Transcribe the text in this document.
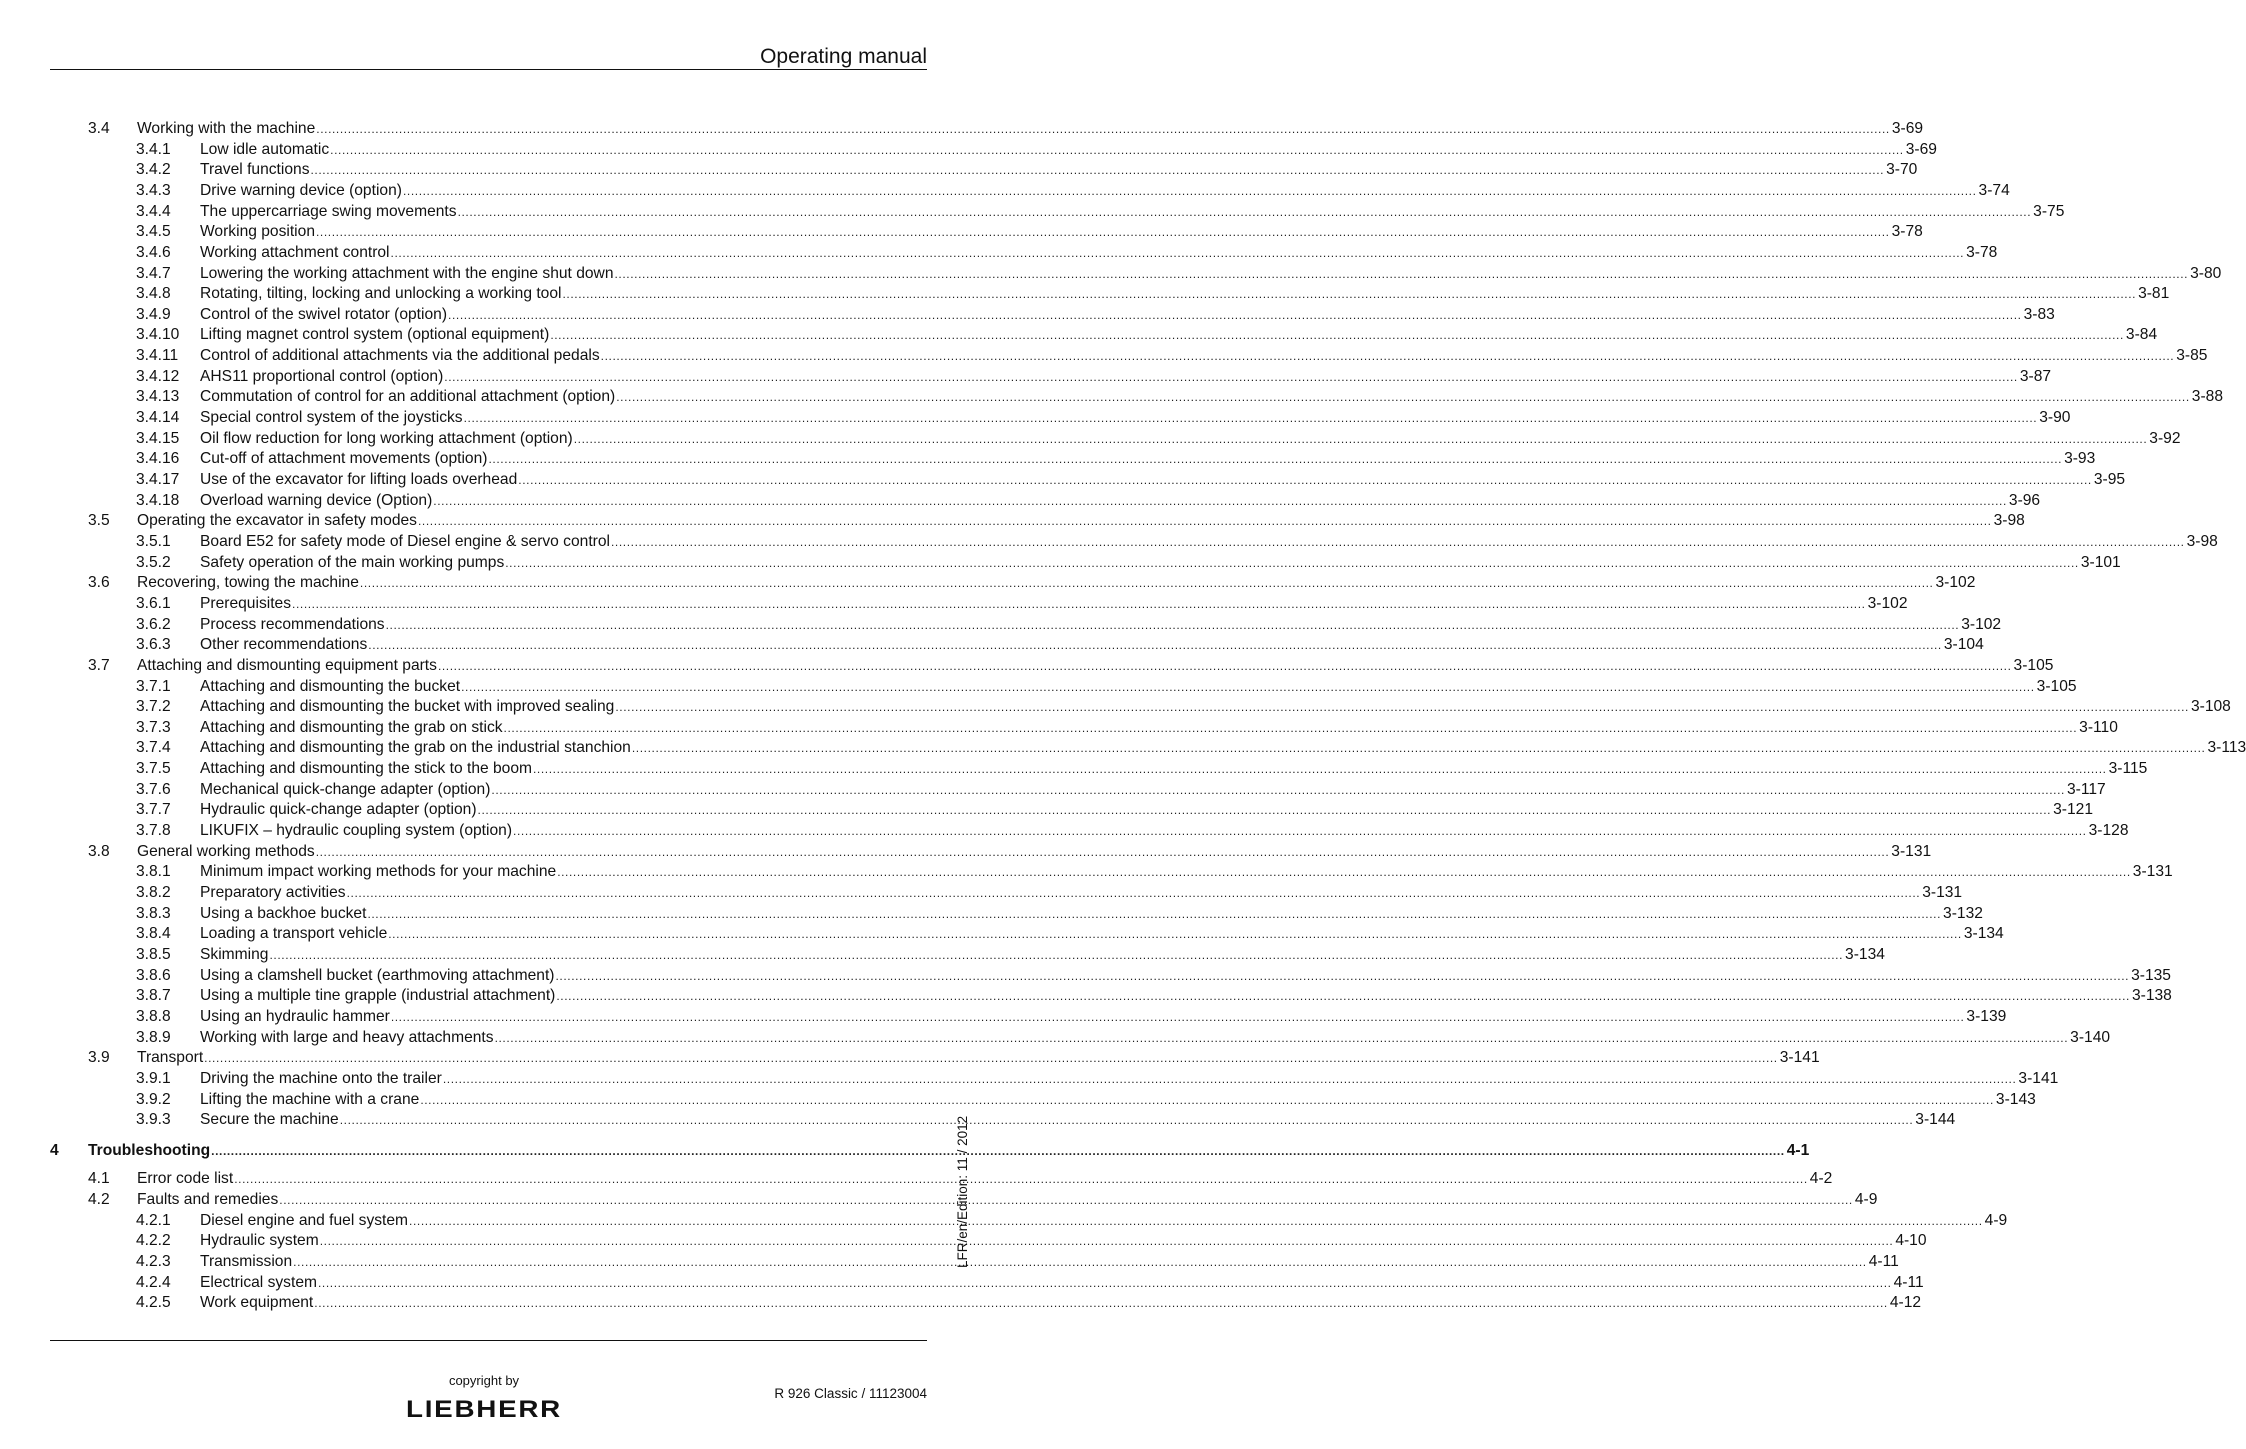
Operating manual
3.4	Working with the machine ................................................................................................................................................................................................................................................................................................................................................................................................................ 3-69
3.4.1	Low idle automatic ................................................................................................................................................................................................................................................................................................................................................................................................................ 3-69
3.4.2	Travel functions ................................................................................................................................................................................................................................................................................................................................................................................................................ 3-70
3.4.3	Drive warning device (option) ................................................................................................................................................................................................................................................................................................................................................................................................................ 3-74
3.4.4	The uppercarriage swing movements ................................................................................................................................................................................................................................................................................................................................................................................................................ 3-75
3.4.5	Working position ................................................................................................................................................................................................................................................................................................................................................................................................................ 3-78
3.4.6	Working attachment control ................................................................................................................................................................................................................................................................................................................................................................................................................ 3-78
3.4.7	Lowering the working attachment with the engine shut down ................................................................................................................................................................................................................................................................................................................................................................................................................ 3-80
3.4.8	Rotating, tilting, locking and unlocking a working tool ................................................................................................................................................................................................................................................................................................................................................................................................................ 3-81
3.4.9	Control of the swivel rotator (option) ................................................................................................................................................................................................................................................................................................................................................................................................................ 3-83
3.4.10	Lifting magnet control system (optional equipment) ................................................................................................................................................................................................................................................................................................................................................................................................................ 3-84
3.4.11	Control of additional attachments via the additional pedals ................................................................................................................................................................................................................................................................................................................................................................................................................ 3-85
3.4.12	AHS11 proportional control (option) ................................................................................................................................................................................................................................................................................................................................................................................................................ 3-87
3.4.13	Commutation of control for an additional attachment (option) ................................................................................................................................................................................................................................................................................................................................................................................................................ 3-88
3.4.14	Special control system of the joysticks ................................................................................................................................................................................................................................................................................................................................................................................................................ 3-90
3.4.15	Oil flow reduction for long working attachment (option) ................................................................................................................................................................................................................................................................................................................................................................................................................ 3-92
3.4.16	Cut-off of attachment movements (option) ................................................................................................................................................................................................................................................................................................................................................................................................................ 3-93
3.4.17	Use of the excavator for lifting loads overhead ................................................................................................................................................................................................................................................................................................................................................................................................................ 3-95
3.4.18	Overload warning device (Option) ................................................................................................................................................................................................................................................................................................................................................................................................................ 3-96
3.5	Operating the excavator in safety modes ................................................................................................................................................................................................................................................................................................................................................................................................................ 3-98
3.5.1	Board E52 for safety mode of Diesel engine & servo control ................................................................................................................................................................................................................................................................................................................................................................................................................ 3-98
3.5.2	Safety operation of the main working pumps ................................................................................................................................................................................................................................................................................................................................................................................................................ 3-101
3.6	Recovering, towing the machine ................................................................................................................................................................................................................................................................................................................................................................................................................ 3-102
3.6.1	Prerequisites ................................................................................................................................................................................................................................................................................................................................................................................................................ 3-102
3.6.2	Process recommendations ................................................................................................................................................................................................................................................................................................................................................................................................................ 3-102
3.6.3	Other recommendations ................................................................................................................................................................................................................................................................................................................................................................................................................ 3-104
3.7	Attaching and dismounting equipment parts ................................................................................................................................................................................................................................................................................................................................................................................................................ 3-105
3.7.1	Attaching and dismounting the bucket ................................................................................................................................................................................................................................................................................................................................................................................................................ 3-105
3.7.2	Attaching and dismounting the bucket with improved sealing ................................................................................................................................................................................................................................................................................................................................................................................................................ 3-108
3.7.3	Attaching and dismounting the grab on stick ................................................................................................................................................................................................................................................................................................................................................................................................................ 3-110
3.7.4	Attaching and dismounting the grab on the industrial stanchion ................................................................................................................................................................................................................................................................................................................................................................................................................ 3-113
3.7.5	Attaching and dismounting the stick to the boom ................................................................................................................................................................................................................................................................................................................................................................................................................ 3-115
3.7.6	Mechanical quick-change adapter (option) ................................................................................................................................................................................................................................................................................................................................................................................................................ 3-117
3.7.7	Hydraulic quick-change adapter (option) ................................................................................................................................................................................................................................................................................................................................................................................................................ 3-121
3.7.8	LIKUFIX – hydraulic coupling system (option) ................................................................................................................................................................................................................................................................................................................................................................................................................ 3-128
3.8	General working methods ................................................................................................................................................................................................................................................................................................................................................................................................................ 3-131
3.8.1	Minimum impact working methods for your machine ................................................................................................................................................................................................................................................................................................................................................................................................................ 3-131
3.8.2	Preparatory activities ................................................................................................................................................................................................................................................................................................................................................................................................................ 3-131
3.8.3	Using a backhoe bucket ................................................................................................................................................................................................................................................................................................................................................................................................................ 3-132
3.8.4	Loading a transport vehicle ................................................................................................................................................................................................................................................................................................................................................................................................................ 3-134
3.8.5	Skimming ................................................................................................................................................................................................................................................................................................................................................................................................................ 3-134
3.8.6	Using a clamshell bucket (earthmoving attachment) ................................................................................................................................................................................................................................................................................................................................................................................................................ 3-135
3.8.7	Using a multiple tine grapple (industrial attachment) ................................................................................................................................................................................................................................................................................................................................................................................................................ 3-138
3.8.8	Using an hydraulic hammer ................................................................................................................................................................................................................................................................................................................................................................................................................ 3-139
3.8.9	Working with large and heavy attachments ................................................................................................................................................................................................................................................................................................................................................................................................................ 3-140
3.9	Transport ................................................................................................................................................................................................................................................................................................................................................................................................................ 3-141
3.9.1	Driving the machine onto the trailer ................................................................................................................................................................................................................................................................................................................................................................................................................ 3-141
3.9.2	Lifting the machine with a crane ................................................................................................................................................................................................................................................................................................................................................................................................................ 3-143
3.9.3	Secure the machine ................................................................................................................................................................................................................................................................................................................................................................................................................ 3-144
4	Troubleshooting ................................................................................................................................................................................................................................................................................................................................................................................................................ 4-1
4.1	Error code list ................................................................................................................................................................................................................................................................................................................................................................................................................ 4-2
4.2	Faults and remedies ................................................................................................................................................................................................................................................................................................................................................................................................................ 4-9
4.2.1	Diesel engine and fuel system ................................................................................................................................................................................................................................................................................................................................................................................................................ 4-9
4.2.2	Hydraulic system ................................................................................................................................................................................................................................................................................................................................................................................................................ 4-10
4.2.3	Transmission ................................................................................................................................................................................................................................................................................................................................................................................................................ 4-11
4.2.4	Electrical system ................................................................................................................................................................................................................................................................................................................................................................................................................ 4-11
4.2.5	Work equipment ................................................................................................................................................................................................................................................................................................................................................................................................................ 4-12
LFR/en/Edition: 11 / 2012
copyright by
LIEBHERR
R 926 Classic / 11123004
